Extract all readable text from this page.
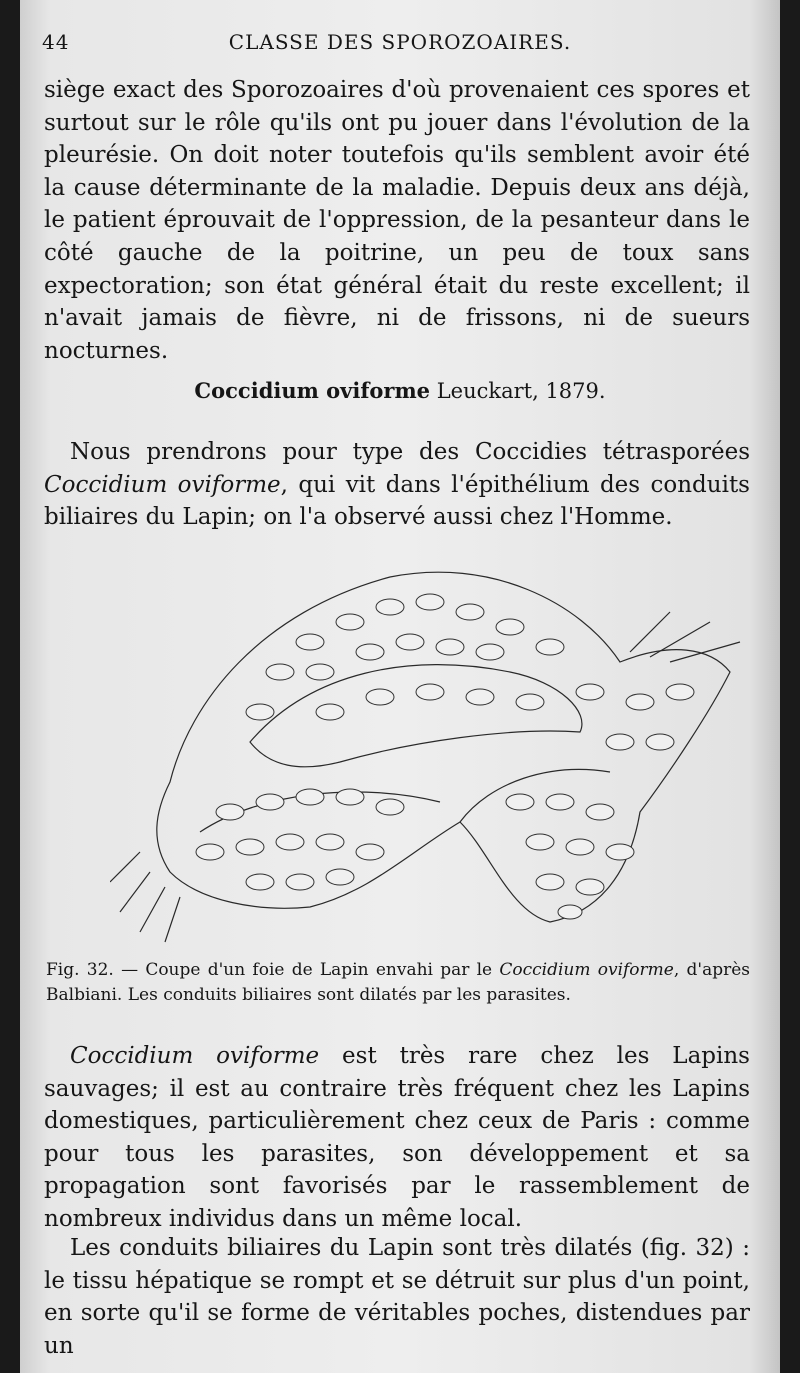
44	CLASSE DES SPOROZOAIRES.

siège exact des Sporozoaires d'où provenaient ces spores et surtout sur le rôle qu'ils ont pu jouer dans l'évolution de la pleurésie. On doit noter toutefois qu'ils semblent avoir été la cause déterminante de la maladie. Depuis deux ans déjà, le patient éprouvait de l'oppression, de la pesanteur dans le côté gauche de la poitrine, un peu de toux sans expectoration; son état général était du reste excellent; il n'avait jamais de fièvre, ni de frissons, ni de sueurs nocturnes.

Coccidium oviforme Leuckart, 1879.

Nous prendrons pour type des Coccidies tétrasporées Coccidium oviforme, qui vit dans l'épithélium des conduits biliaires du Lapin; on l'a observé aussi chez l'Homme.

Fig. 32. — Coupe d'un foie de Lapin envahi par le Coccidium oviforme, d'après Balbiani. Les conduits biliaires sont dilatés par les parasites.

Coccidium oviforme est très rare chez les Lapins sauvages; il est au contraire très fréquent chez les Lapins domestiques, particulièrement chez ceux de Paris : comme pour tous les parasites, son développement et sa propagation sont favorisés par le rassemblement de nombreux individus dans un même local.

Les conduits biliaires du Lapin sont très dilatés (fig. 32) : le tissu hépatique se rompt et se détruit sur plus d'un point, en sorte qu'il se forme de véritables poches, distendues par un
